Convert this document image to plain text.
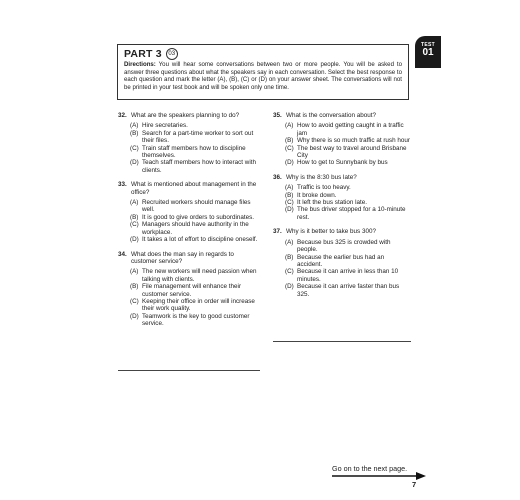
PART 3	03
Directions: You will hear some conversations between two or more people. You will be asked to answer three questions about what the speakers say in each conversation. Select the best response to each question and mark the letter (A), (B), (C) or (D) on your answer sheet. The conversations will not be printed in your test book and will be spoken only one time.
TEST
01
32. What are the speakers planning to do?
(A) Hire secretaries.
(B) Search for a part-time worker to sort out their files.
(C) Train staff members how to discipline themselves.
(D) Teach staff members how to interact with clients.
33. What is mentioned about management in the office?
(A) Recruited workers should manage files well.
(B) It is good to give orders to subordinates.
(C) Managers should have authority in the workplace.
(D) It takes a lot of effort to discipline oneself.
34. What does the man say in regards to customer service?
(A) The new workers will need passion when talking with clients.
(B) File management will enhance their customer service.
(C) Keeping their office in order will increase their work quality.
(D) Teamwork is the key to good customer service.
35. What is the conversation about?
(A) How to avoid getting caught in a traffic jam
(B) Why there is so much traffic at rush hour
(C) The best way to travel around Brisbane City
(D) How to get to Sunnybank by bus
36. Why is the 8:30 bus late?
(A) Traffic is too heavy.
(B) It broke down.
(C) It left the bus station late.
(D) The bus driver stopped for a 10-minute rest.
37. Why is it better to take bus 300?
(A) Because bus 325 is crowded with people.
(B) Because the earlier bus had an accident.
(C) Because it can arrive in less than 10 minutes.
(D) Because it can arrive faster than bus 325.
Go on to the next page.
7
